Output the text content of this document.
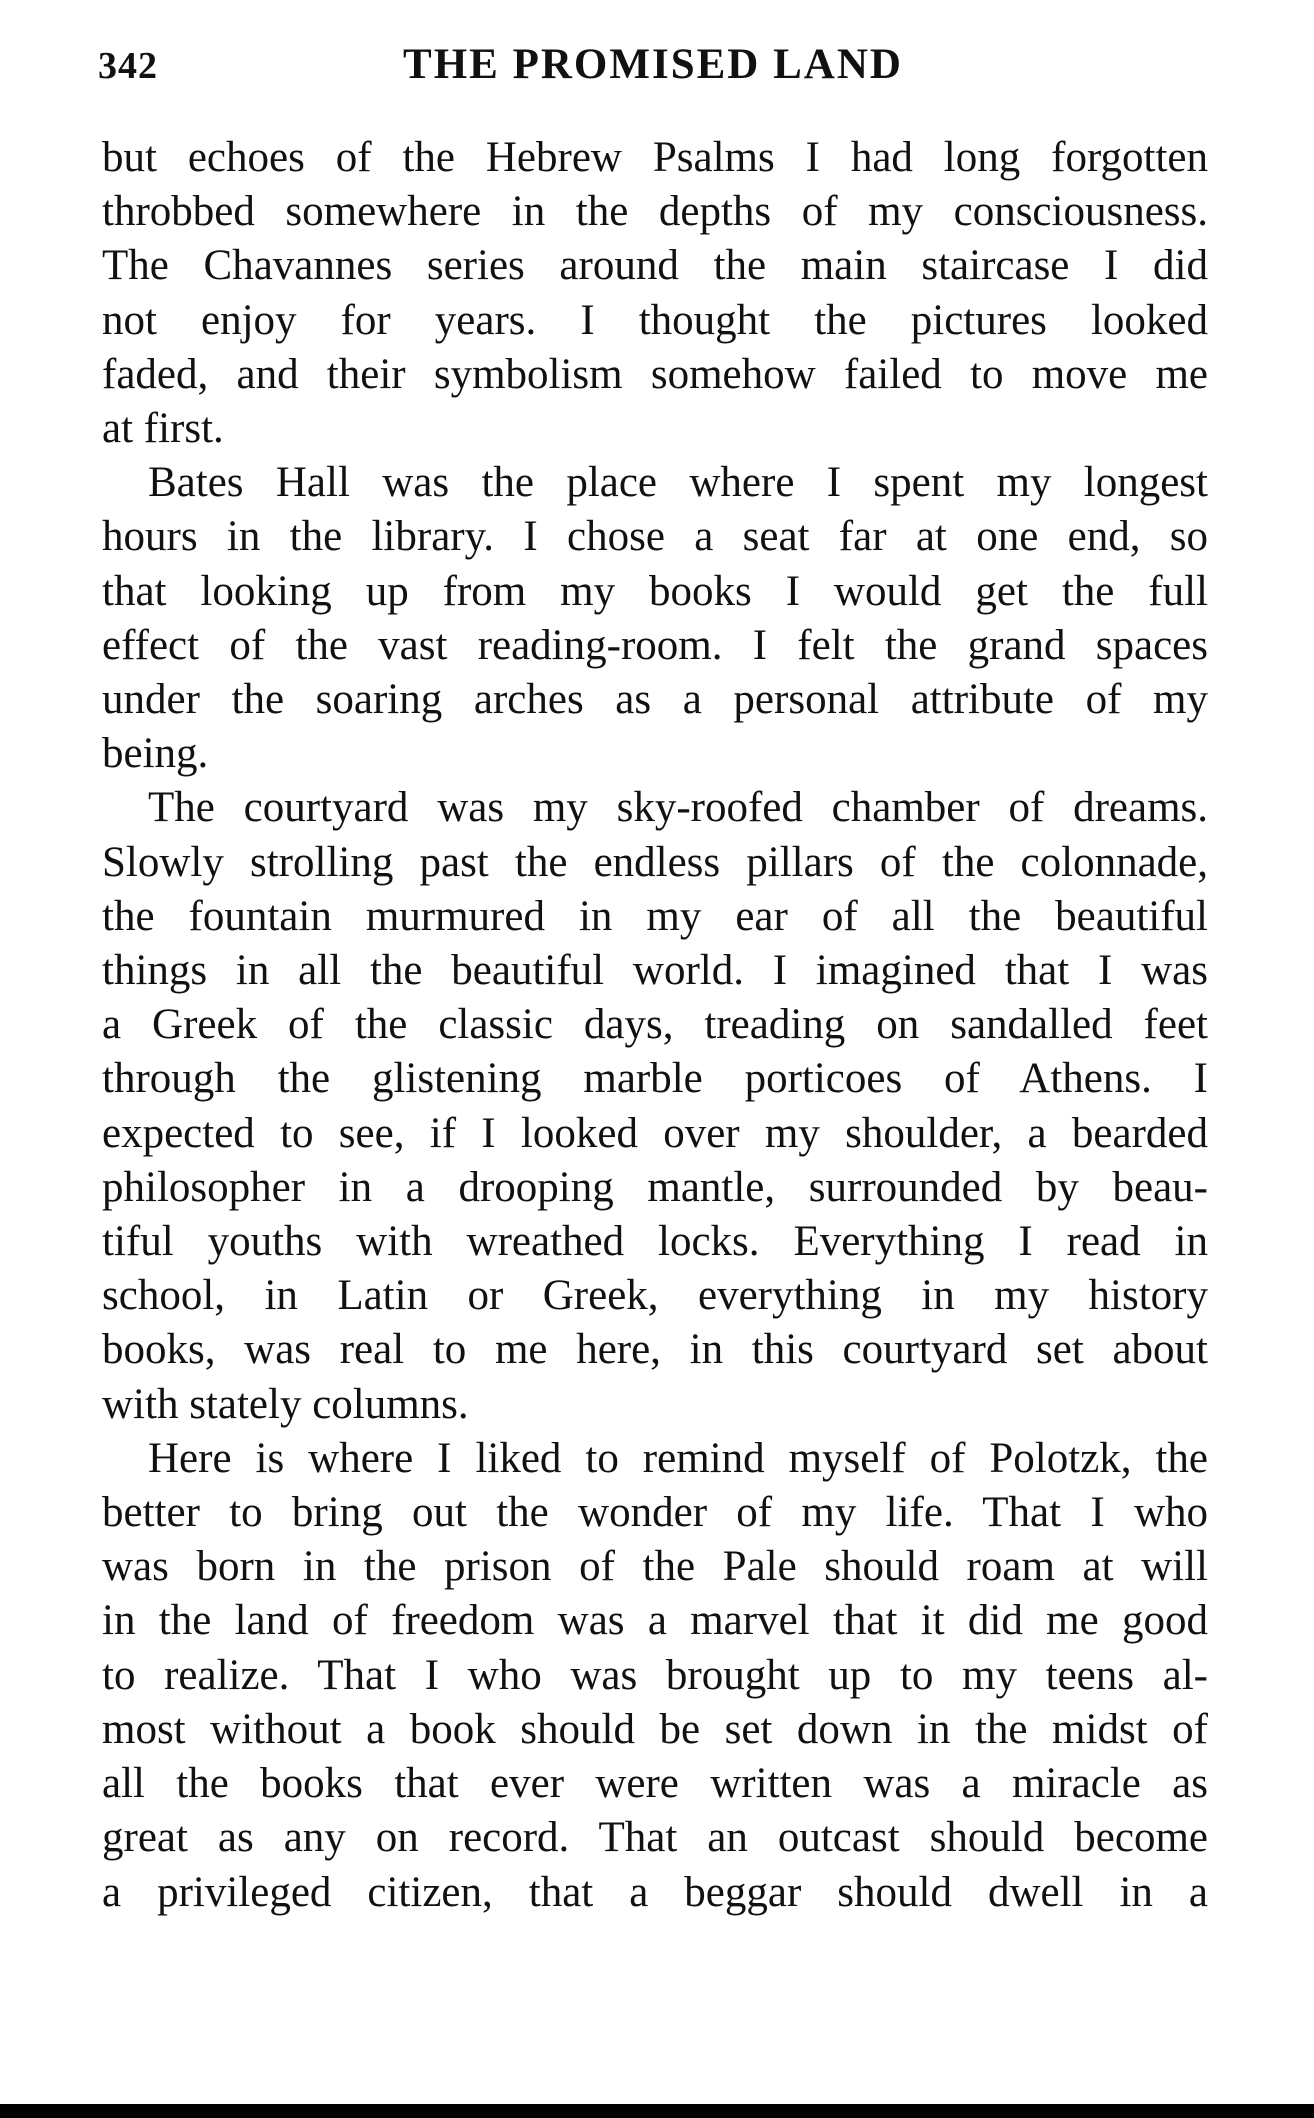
342	THE PROMISED LAND
but echoes of the Hebrew Psalms I had long forgotten
throbbed somewhere in the depths of my consciousness.
The Chavannes series around the main staircase I did
not enjoy for years. I thought the pictures looked
faded, and their symbolism somehow failed to move me
at first.
Bates Hall was the place where I spent my longest
hours in the library. I chose a seat far at one end, so
that looking up from my books I would get the full
effect of the vast reading-room. I felt the grand spaces
under the soaring arches as a personal attribute of my
being.
The courtyard was my sky-roofed chamber of dreams.
Slowly strolling past the endless pillars of the colonnade,
the fountain murmured in my ear of all the beautiful
things in all the beautiful world. I imagined that I was
a Greek of the classic days, treading on sandalled feet
through the glistening marble porticoes of Athens. I
expected to see, if I looked over my shoulder, a bearded
philosopher in a drooping mantle, surrounded by beau-
tiful youths with wreathed locks. Everything I read in
school, in Latin or Greek, everything in my history
books, was real to me here, in this courtyard set about
with stately columns.
Here is where I liked to remind myself of Polotzk, the
better to bring out the wonder of my life. That I who
was born in the prison of the Pale should roam at will
in the land of freedom was a marvel that it did me good
to realize. That I who was brought up to my teens al-
most without a book should be set down in the midst of
all the books that ever were written was a miracle as
great as any on record. That an outcast should become
a privileged citizen, that a beggar should dwell in a
